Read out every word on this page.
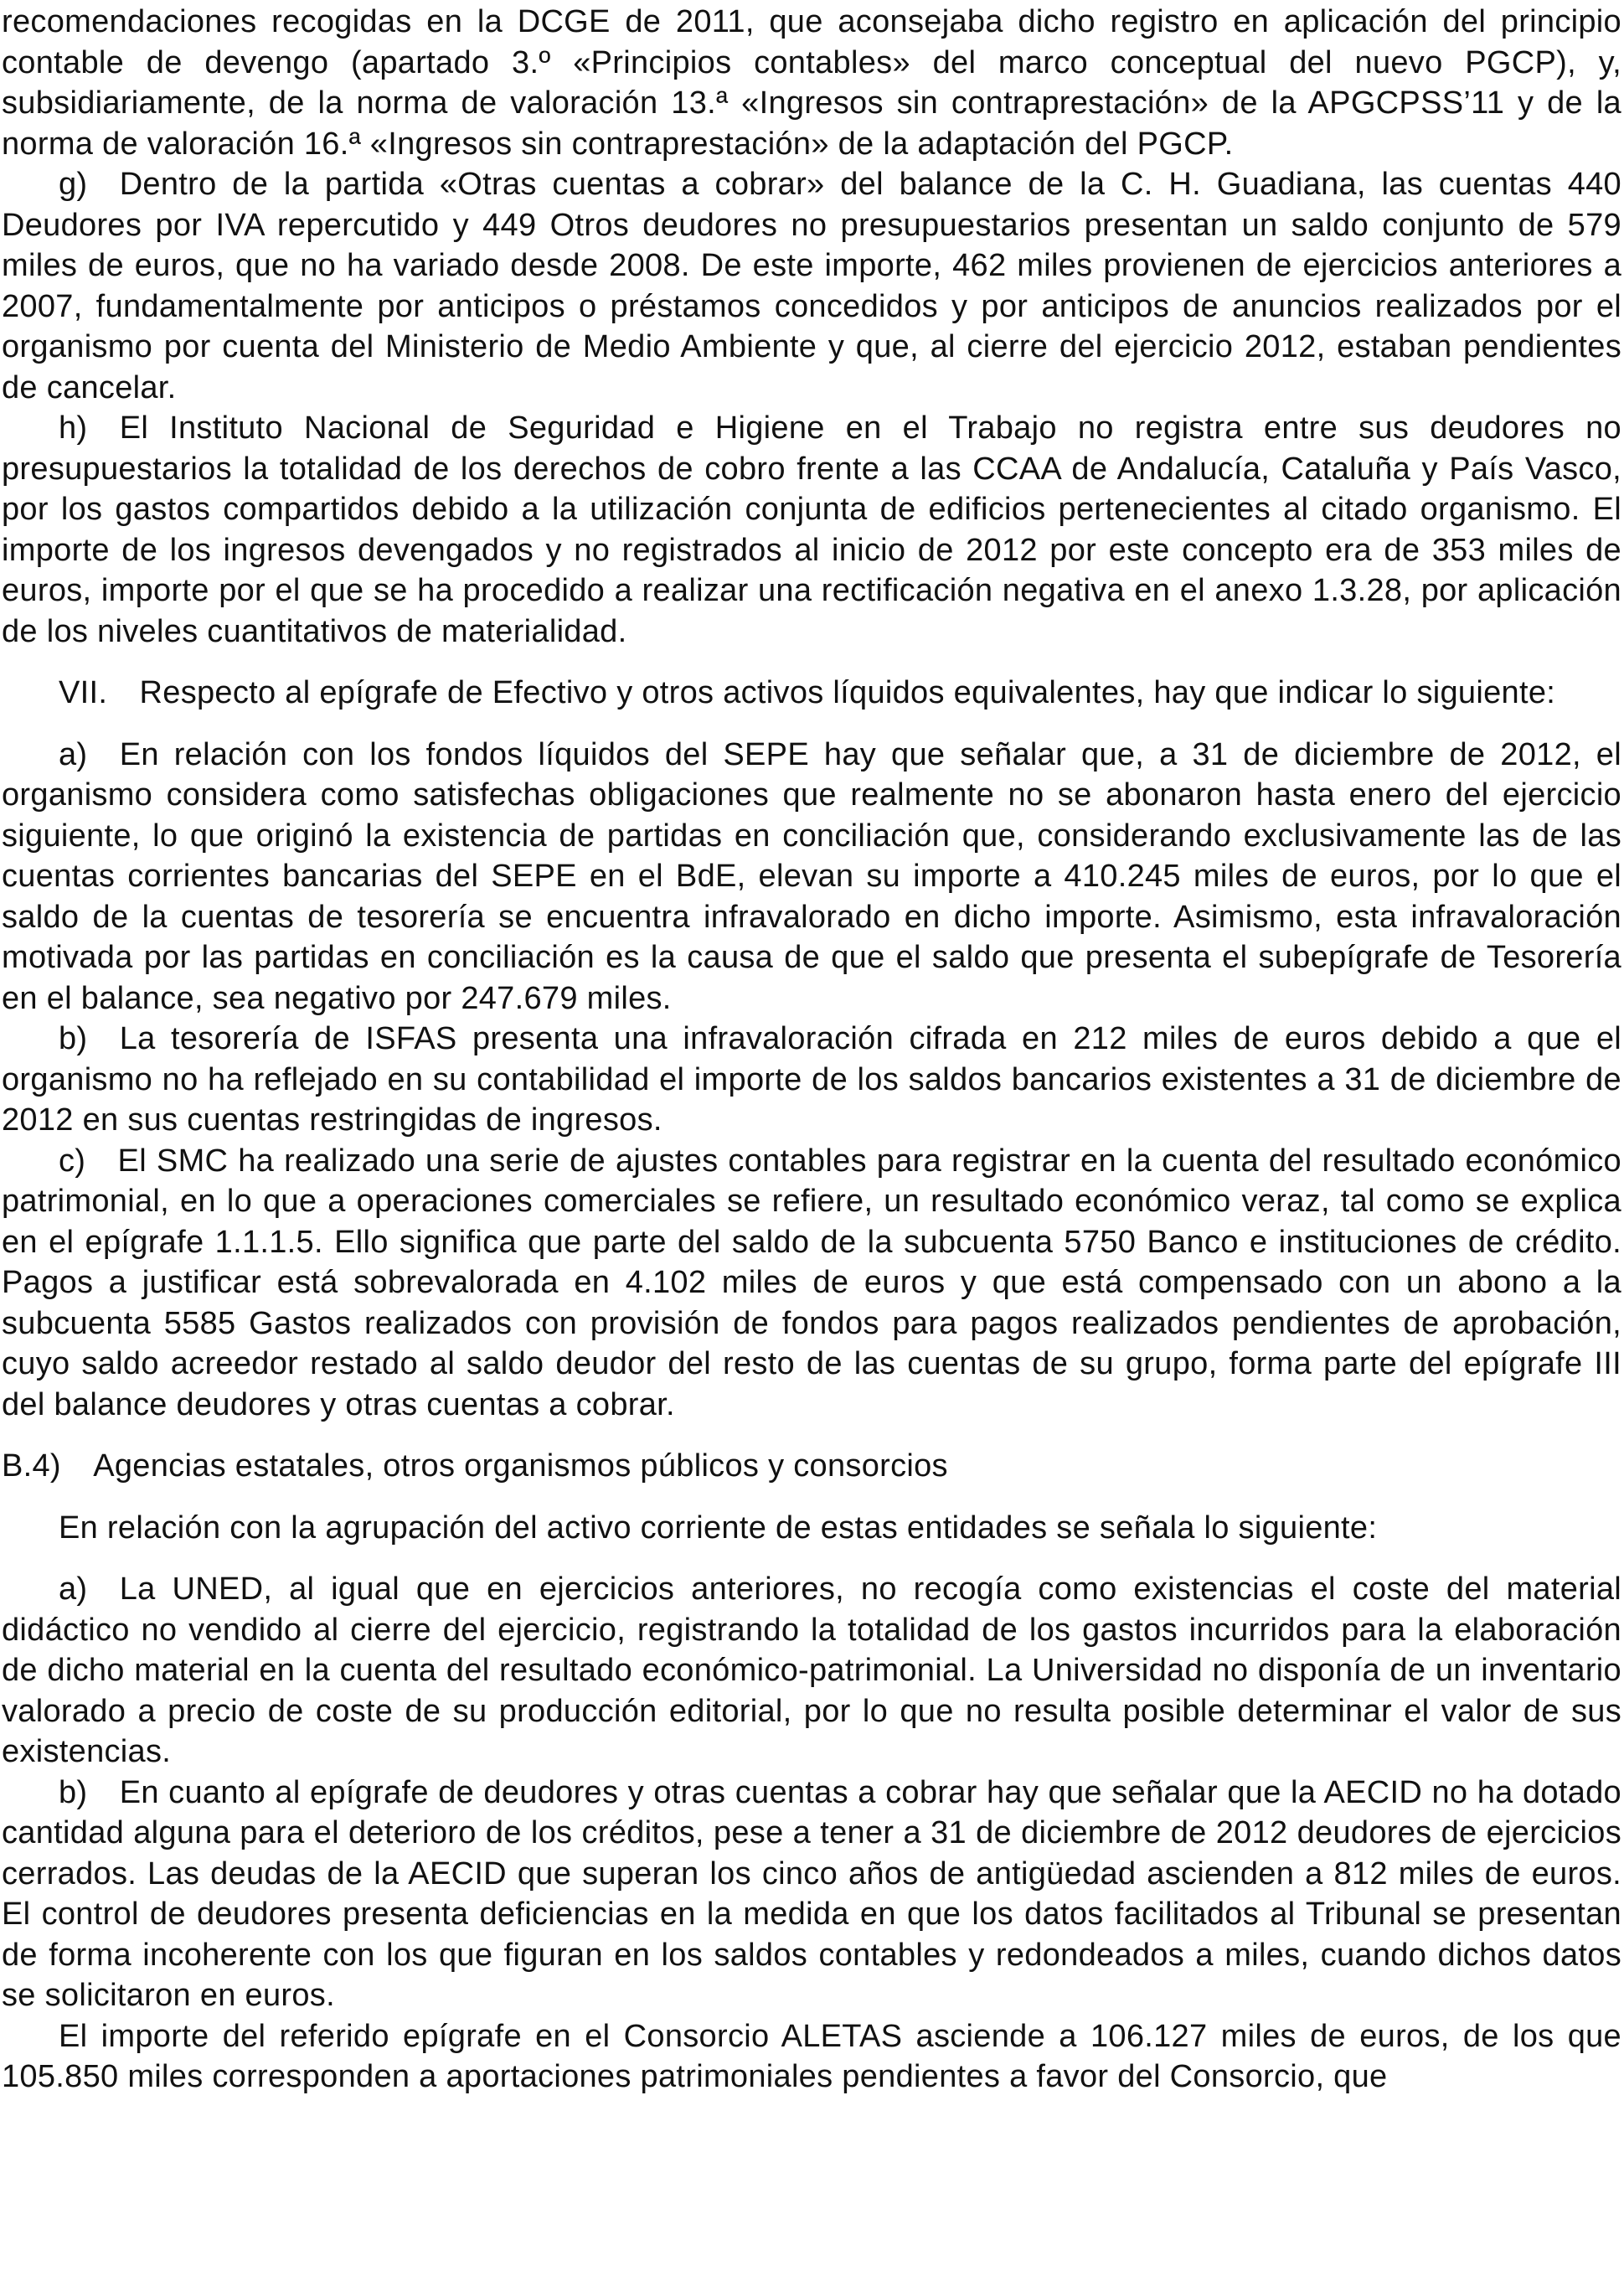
recomendaciones recogidas en la DCGE de 2011, que aconsejaba dicho registro en aplicación del principio contable de devengo (apartado 3.º «Principios contables» del marco conceptual del nuevo PGCP), y, subsidiariamente, de la norma de valoración 13.ª «Ingresos sin contraprestación» de la APGCPSS’11 y de la norma de valoración 16.ª «Ingresos sin contraprestación» de la adaptación del PGCP.

g) Dentro de la partida «Otras cuentas a cobrar» del balance de la C. H. Guadiana, las cuentas 440 Deudores por IVA repercutido y 449 Otros deudores no presupuestarios presentan un saldo conjunto de 579 miles de euros, que no ha variado desde 2008. De este importe, 462 miles provienen de ejercicios anteriores a 2007, fundamentalmente por anticipos o préstamos concedidos y por anticipos de anuncios realizados por el organismo por cuenta del Ministerio de Medio Ambiente y que, al cierre del ejercicio 2012, estaban pendientes de cancelar.

h) El Instituto Nacional de Seguridad e Higiene en el Trabajo no registra entre sus deudores no presupuestarios la totalidad de los derechos de cobro frente a las CCAA de Andalucía, Cataluña y País Vasco, por los gastos compartidos debido a la utilización conjunta de edificios pertenecientes al citado organismo. El importe de los ingresos devengados y no registrados al inicio de 2012 por este concepto era de 353 miles de euros, importe por el que se ha procedido a realizar una rectificación negativa en el anexo 1.3.28, por aplicación de los niveles cuantitativos de materialidad.

VII. Respecto al epígrafe de Efectivo y otros activos líquidos equivalentes, hay que indicar lo siguiente:

a) En relación con los fondos líquidos del SEPE hay que señalar que, a 31 de diciembre de 2012, el organismo considera como satisfechas obligaciones que realmente no se abonaron hasta enero del ejercicio siguiente, lo que originó la existencia de partidas en conciliación que, considerando exclusivamente las de las cuentas corrientes bancarias del SEPE en el BdE, elevan su importe a 410.245 miles de euros, por lo que el saldo de la cuentas de tesorería se encuentra infravalorado en dicho importe. Asimismo, esta infravaloración motivada por las partidas en conciliación es la causa de que el saldo que presenta el subepígrafe de Tesorería en el balance, sea negativo por 247.679 miles.

b) La tesorería de ISFAS presenta una infravaloración cifrada en 212 miles de euros debido a que el organismo no ha reflejado en su contabilidad el importe de los saldos bancarios existentes a 31 de diciembre de 2012 en sus cuentas restringidas de ingresos.

c) El SMC ha realizado una serie de ajustes contables para registrar en la cuenta del resultado económico patrimonial, en lo que a operaciones comerciales se refiere, un resultado económico veraz, tal como se explica en el epígrafe 1.1.1.5. Ello significa que parte del saldo de la subcuenta 5750 Banco e instituciones de crédito. Pagos a justificar está sobrevalorada en 4.102 miles de euros y que está compensado con un abono a la subcuenta 5585 Gastos realizados con provisión de fondos para pagos realizados pendientes de aprobación, cuyo saldo acreedor restado al saldo deudor del resto de las cuentas de su grupo, forma parte del epígrafe III del balance deudores y otras cuentas a cobrar.

B.4) Agencias estatales, otros organismos públicos y consorcios

En relación con la agrupación del activo corriente de estas entidades se señala lo siguiente:

a) La UNED, al igual que en ejercicios anteriores, no recogía como existencias el coste del material didáctico no vendido al cierre del ejercicio, registrando la totalidad de los gastos incurridos para la elaboración de dicho material en la cuenta del resultado económico-patrimonial. La Universidad no disponía de un inventario valorado a precio de coste de su producción editorial, por lo que no resulta posible determinar el valor de sus existencias.

b) En cuanto al epígrafe de deudores y otras cuentas a cobrar hay que señalar que la AECID no ha dotado cantidad alguna para el deterioro de los créditos, pese a tener a 31 de diciembre de 2012 deudores de ejercicios cerrados. Las deudas de la AECID que superan los cinco años de antigüedad ascienden a 812 miles de euros. El control de deudores presenta deficiencias en la medida en que los datos facilitados al Tribunal se presentan de forma incoherente con los que figuran en los saldos contables y redondeados a miles, cuando dichos datos se solicitaron en euros.

El importe del referido epígrafe en el Consorcio ALETAS asciende a 106.127 miles de euros, de los que 105.850 miles corresponden a aportaciones patrimoniales pendientes a favor del Consorcio, que
